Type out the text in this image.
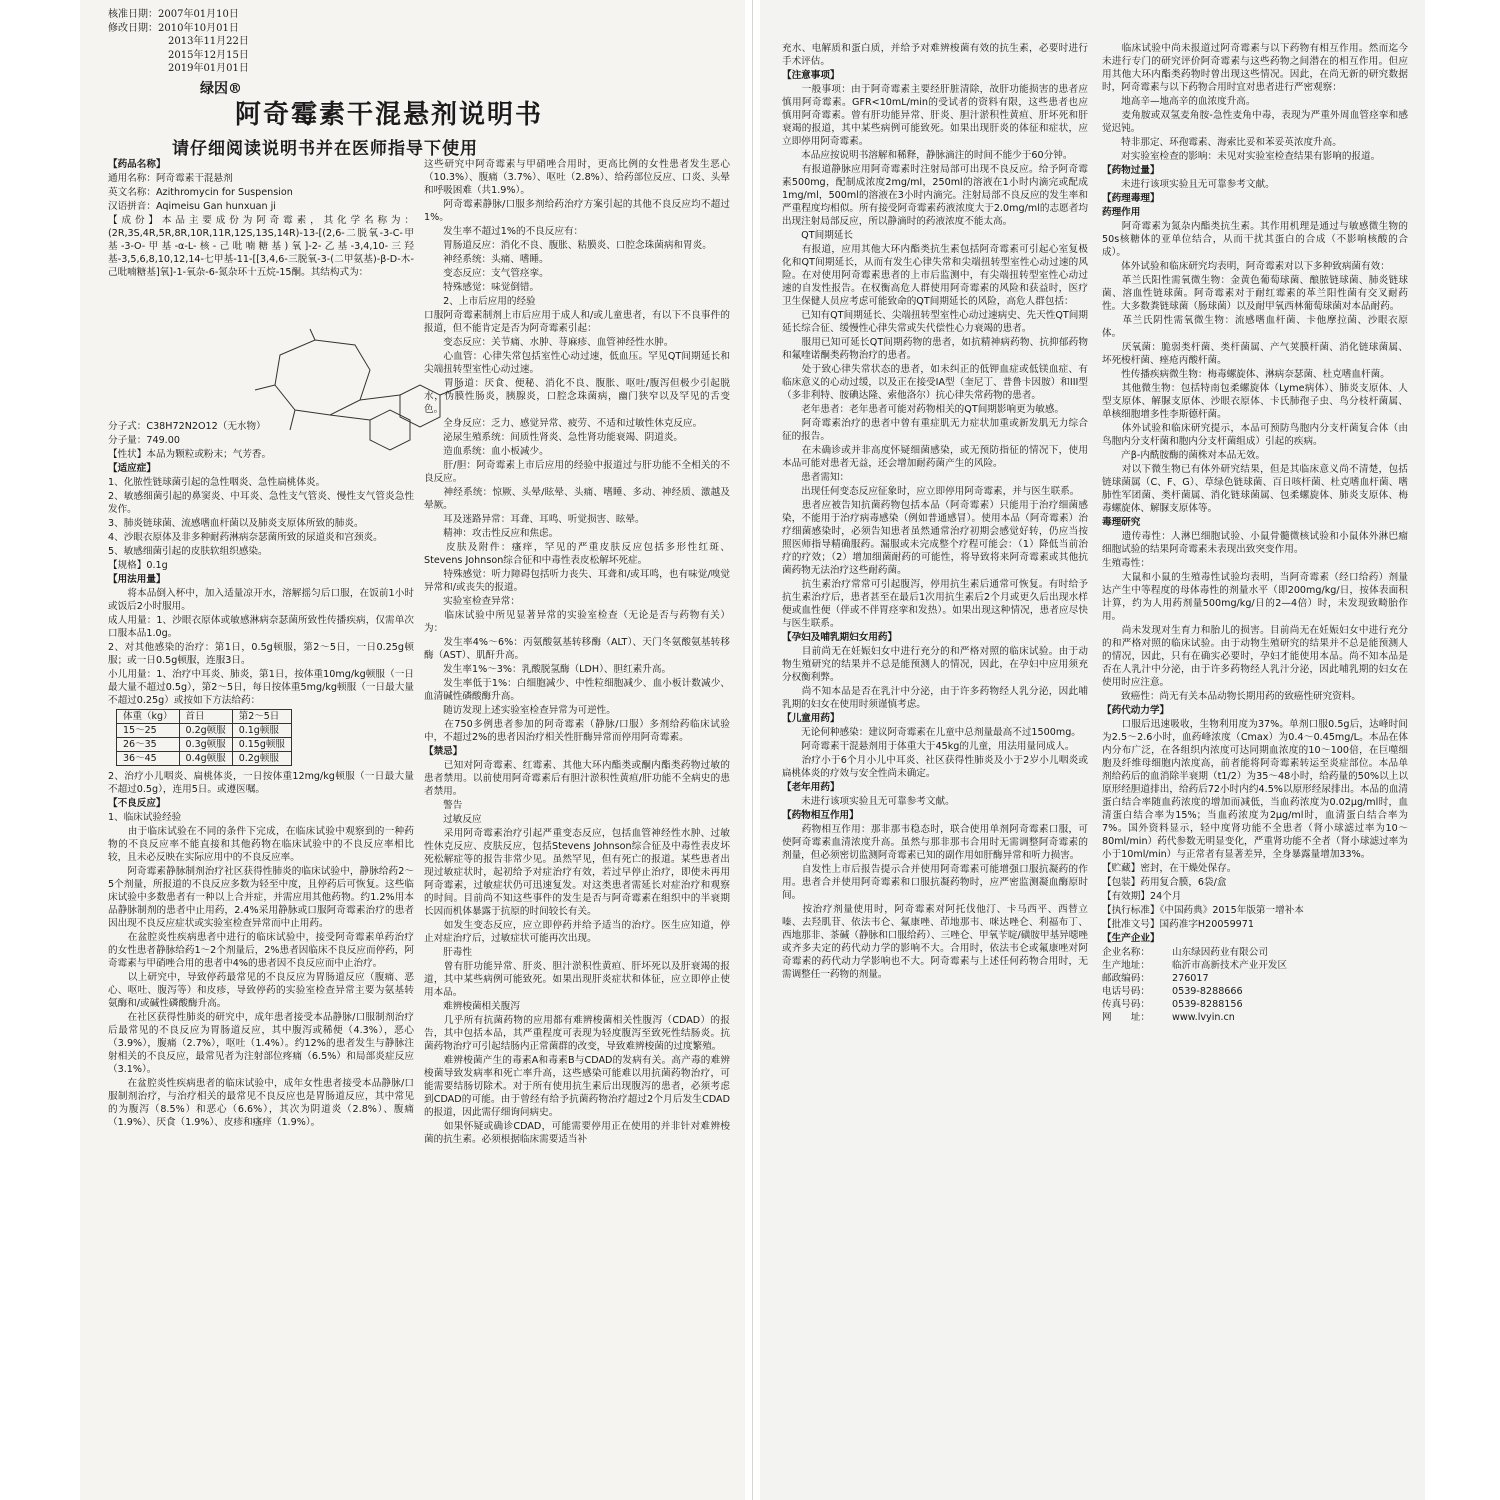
核准日期：2007年01月10日
修改日期：2010年10月01日
2013年11月22日
2015年12月15日
2019年01月01日
绿因®
阿奇霉素干混悬剂说明书
请仔细阅读说明书并在医师指导下使用

【药品名称】

通用名称：阿奇霉素干混悬剂

英文名称：Azithromycin for Suspension

汉语拼音：Aqimeisu Gan hunxuan ji

【成份】本品主要成份为阿奇霉素，其化学名称为：(2R,3S,4R,5R,8R,10R,11R,12S,13S,14R)-13-[(2,6-二脱氧-3-C-甲基-3-O-甲基-α-L-核-己吡喃糖基)氧]-2-乙基-3,4,10-三羟基-3,5,6,8,10,12,14-七甲基-11-[[3,4,6-三脱氧-3-(二甲氨基)-β-D-木-己吡喃糖基]氧]-1-氧杂-6-氮杂环十五烷-15酮。其结构式为：

分子式：C38H72N2O12（无水物）

分子量：749.00

【性状】本品为颗粒或粉末；气芳香。

【适应症】

1、化脓性链球菌引起的急性咽炎、急性扁桃体炎。

2、敏感细菌引起的鼻窦炎、中耳炎、急性支气管炎、慢性支气管炎急性发作。

3、肺炎链球菌、流感嗜血杆菌以及肺炎支原体所致的肺炎。

4、沙眼衣原体及非多种耐药淋病奈瑟菌所致的尿道炎和宫颈炎。

5、敏感细菌引起的皮肤软组织感染。

【规格】0.1g

【用法用量】

　　将本品倒入杯中，加入适量凉开水，溶解摇匀后口服，在饭前1小时或饭后2小时服用。

成人用量：1、沙眼衣原体或敏感淋病奈瑟菌所致性传播疾病，仅需单次口服本品1.0g。

2、对其他感染的治疗：第1日，0.5g顿服，第2～5日，一日0.25g顿服；或一日0.5g顿服，连服3日。

小儿用量：1、治疗中耳炎、肺炎，第1日，按体重10mg/kg顿服（一日最大量不超过0.5g），第2～5日，每日按体重5mg/kg顿服（一日最大量不超过0.25g）或按如下方法给药：

体重（kg）	首日	第2～5日
15～25	0.2g顿服	0.1g顿服
26～35	0.3g顿服	0.15g顿服
36～45	0.4g顿服	0.2g顿服

2、治疗小儿咽炎、扁桃体炎，一日按体重12mg/kg顿服（一日最大量不超过0.5g），连用5日。或遵医嘱。

【不良反应】

1、临床试验经验

　　由于临床试验在不同的条件下完成，在临床试验中观察到的一种药物的不良反应率不能直接和其他药物在临床试验中的不良反应率相比较，且未必反映在实际应用中的不良反应率。

　　阿奇霉素静脉制剂治疗社区获得性肺炎的临床试验中，静脉给药2～5个剂量，所报道的不良反应多数为轻至中度，且停药后可恢复。这些临床试验中多数患者有一种以上合并症，并需应用其他药物。约1.2%用本品静脉制剂的患者中止用药，2.4%采用静脉或口服阿奇霉素治疗的患者因出现不良反应症状或实验室检查异常而中止用药。

　　在盆腔炎性疾病患者中进行的临床试验中，接受阿奇霉素单药治疗的女性患者静脉给药1～2个剂量后，2%患者因临床不良反应而停药，阿奇霉素与甲硝唑合用的患者中4%的患者因不良反应而中止治疗。

　　以上研究中，导致停药最常见的不良反应为胃肠道反应（腹痛、恶心、呕吐、腹泻等）和皮疹，导致停药的实验室检查异常主要为氨基转氨酶和/或碱性磷酸酶升高。

　　在社区获得性肺炎的研究中，成年患者接受本品静脉/口服制剂治疗后最常见的不良反应为胃肠道反应，其中腹泻或稀便（4.3%），恶心（3.9%），腹痛（2.7%），呕吐（1.4%）。约12%的患者发生与静脉注射相关的不良反应，最常见者为注射部位疼痛（6.5%）和局部炎症反应（3.1%）。

　　在盆腔炎性疾病患者的临床试验中，成年女性患者接受本品静脉/口服制剂治疗，与治疗相关的最常见不良反应也是胃肠道反应，其中常见的为腹泻（8.5%）和恶心（6.6%），其次为阴道炎（2.8%）、腹痛（1.9%）、厌食（1.9%）、皮疹和瘙痒（1.9%）。

这些研究中阿奇霉素与甲硝唑合用时，更高比例的女性患者发生恶心（10.3%）、腹痛（3.7%）、呕吐（2.8%）、给药部位反应、口炎、头晕和呼吸困难（共1.9%）。

　　阿奇霉素静脉/口服多剂给药治疗方案引起的其他不良反应均不超过1%。

　　发生率不超过1%的不良反应有：

　　胃肠道反应：消化不良、腹胀、粘膜炎、口腔念珠菌病和胃炎。

　　神经系统：头痛、嗜睡。

　　变态反应：支气管痉挛。

　　特殊感觉：味觉倒错。

　　2、上市后应用的经验

口服阿奇霉素制剂上市后应用于成人和/或儿童患者，有以下不良事件的报道，但不能肯定是否为阿奇霉素引起：

　　变态反应：关节痛、水肿、荨麻疹、血管神经性水肿。

　　心血管：心律失常包括室性心动过速，低血压。罕见QT间期延长和尖端扭转型室性心动过速。

　　胃肠道：厌食、便秘、消化不良、腹胀、呕吐/腹泻但极少引起脱水，伪膜性肠炎，胰腺炎，口腔念珠菌病，幽门狭窄以及罕见的舌变色。

　　全身反应：乏力、感觉异常、疲劳、不适和过敏性休克反应。

　　泌尿生殖系统：间质性肾炎、急性肾功能衰竭、阴道炎。

　　造血系统：血小板减少。

　　肝/胆：阿奇霉素上市后应用的经验中报道过与肝功能不全相关的不良反应。

　　神经系统：惊厥、头晕/眩晕、头痛、嗜睡、多动、神经质、激越及晕厥。

　　耳及迷路异常：耳聋、耳鸣、听觉损害、眩晕。

　　精神：攻击性反应和焦虑。

　　皮肤及附件：瘙痒，罕见的严重皮肤反应包括多形性红斑、Stevens Johnson综合征和中毒性表皮松解坏死症。

　　特殊感觉：听力障碍包括听力丧失、耳聋和/或耳鸣，也有味觉/嗅觉异常和/或丧失的报道。

　　实验室检查异常：

　　临床试验中所见显著异常的实验室检查（无论是否与药物有关）为：

　　发生率4%～6%：丙氨酸氨基转移酶（ALT）、天门冬氨酸氨基转移酶（AST）、肌酐升高。

　　发生率1%～3%：乳酸脱氢酶（LDH）、胆红素升高。

　　发生率低于1%：白细胞减少、中性粒细胞减少、血小板计数减少、血清碱性磷酸酶升高。

　　随访发现上述实验室检查异常为可逆性。

　　在750多例患者参加的阿奇霉素（静脉/口服）多剂给药临床试验中，不超过2%的患者因治疗相关性肝酶异常而停用阿奇霉素。

【禁忌】

　　已知对阿奇霉素、红霉素、其他大环内酯类或酮内酯类药物过敏的患者禁用。以前使用阿奇霉素后有胆汁淤积性黄疸/肝功能不全病史的患者禁用。

　　警告

　　过敏反应

　　采用阿奇霉素治疗引起严重变态反应，包括血管神经性水肿、过敏性休克反应、皮肤反应，包括Stevens Johnson综合征及中毒性表皮坏死松解症等的报告非常少见。虽然罕见，但有死亡的报道。某些患者出现过敏症状时，起初给予对症治疗有效，若过早停止治疗，即使未再用阿奇霉素，过敏症状仍可迅速复发。对这类患者需延长对症治疗和观察的时间。目前尚不知这些事件的发生是否与阿奇霉素在组织中的半衰期长因而机体暴露于抗原的时间较长有关。

　　如发生变态反应，应立即停药并给予适当的治疗。医生应知道，停止对症治疗后，过敏症状可能再次出现。

　　肝毒性

　　曾有肝功能异常、肝炎、胆汁淤积性黄疸、肝坏死以及肝衰竭的报道，其中某些病例可能致死。如果出现肝炎症状和体征，应立即停止使用本品。

　　难辨梭菌相关腹泻

　　几乎所有抗菌药物的应用都有难辨梭菌相关性腹泻（CDAD）的报告，其中包括本品，其严重程度可表现为轻度腹泻至致死性结肠炎。抗菌药物治疗可引起结肠内正常菌群的改变，导致难辨梭菌的过度繁殖。

　　难辨梭菌产生的毒素A和毒素B与CDAD的发病有关。高产毒的难辨梭菌导致发病率和死亡率升高，这些感染可能难以用抗菌药物治疗，可能需要结肠切除术。对于所有使用抗生素后出现腹泻的患者，必须考虑到CDAD的可能。由于曾经有给予抗菌药物治疗超过2个月后发生CDAD的报道，因此需仔细询问病史。

　　如果怀疑或确诊CDAD，可能需要停用正在使用的并非针对难辨梭菌的抗生素。必须根据临床需要适当补

充水、电解质和蛋白质，并给予对难辨梭菌有效的抗生素，必要时进行手术评估。

【注意事项】

　　一般事项：由于阿奇霉素主要经肝脏清除，故肝功能损害的患者应慎用阿奇霉素。GFR<10mL/min的受试者的资料有限，这些患者也应慎用阿奇霉素。曾有肝功能异常、肝炎、胆汁淤积性黄疸、肝坏死和肝衰竭的报道，其中某些病例可能致死。如果出现肝炎的体征和症状，应立即停用阿奇霉素。

　　本品应按说明书溶解和稀释，静脉滴注的时间不能少于60分钟。

　　有报道静脉应用阿奇霉素时注射局部可出现不良反应。给予阿奇霉素500mg，配制成浓度2mg/ml，250ml的溶液在1小时内滴完或配成1mg/ml，500ml的溶液在3小时内滴完。注射局部不良反应的发生率和严重程度均相似。所有接受阿奇霉素药液浓度大于2.0mg/ml的志愿者均出现注射局部反应，所以静滴时的药液浓度不能太高。

　　QT间期延长

　　有报道，应用其他大环内酯类抗生素包括阿奇霉素可引起心室复极化和QT间期延长，从而有发生心律失常和尖端扭转型室性心动过速的风险。在对使用阿奇霉素患者的上市后监测中，有尖端扭转型室性心动过速的自发性报告。在权衡高危人群使用阿奇霉素的风险和获益时，医疗卫生保健人员应考虑可能致命的QT间期延长的风险，高危人群包括：

　　已知有QT间期延长、尖端扭转型室性心动过速病史、先天性QT间期延长综合征、缓慢性心律失常或失代偿性心力衰竭的患者。

　　服用已知可延长QT间期药物的患者，如抗精神病药物、抗抑郁药物和氟喹诺酮类药物治疗的患者。

　　处于致心律失常状态的患者，如未纠正的低钾血症或低镁血症、有临床意义的心动过缓，以及正在接受IA型（奎尼丁、普鲁卡因胺）和III型（多非利特、胺碘达隆、索他洛尔）抗心律失常药物的患者。

　　老年患者：老年患者可能对药物相关的QT间期影响更为敏感。

　　阿奇霉素治疗的患者中曾有重症肌无力症状加重或新发肌无力综合征的报告。

　　在未确诊或并非高度怀疑细菌感染，或无预防指征的情况下，使用本品可能对患者无益，还会增加耐药菌产生的风险。

　　患者需知：

　　出现任何变态反应征象时，应立即停用阿奇霉素，并与医生联系。

　　患者应被告知抗菌药物包括本品（阿奇霉素）只能用于治疗细菌感染，不能用于治疗病毒感染（例如普通感冒）。使用本品（阿奇霉素）治疗细菌感染时，必须告知患者虽然通常治疗初期会感觉好转，仍应当按照医师指导精确服药。漏服或未完成整个疗程可能会：（1）降低当前治疗的疗效；（2）增加细菌耐药的可能性，将导致将来阿奇霉素或其他抗菌药物无法治疗这些耐药菌。

　　抗生素治疗常常可引起腹泻，停用抗生素后通常可恢复。有时给予抗生素治疗后，患者甚至在最后1次用抗生素后2个月或更久后出现水样便或血性便（伴或不伴胃痉挛和发热）。如果出现这种情况，患者应尽快与医生联系。

【孕妇及哺乳期妇女用药】

　　目前尚无在妊娠妇女中进行充分的和严格对照的临床试验。由于动物生殖研究的结果并不总是能预测人的情况，因此，在孕妇中应用须充分权衡利弊。

　　尚不知本品是否在乳汁中分泌，由于许多药物经人乳分泌，因此哺乳期的妇女在使用时须谨慎考虑。

【儿童用药】

　　无论何种感染：建议阿奇霉素在儿童中总剂量最高不过1500mg。

　　阿奇霉素干混悬剂用于体重大于45kg的儿童，用法用量同成人。

　　治疗小于6个月小儿中耳炎、社区获得性肺炎及小于2岁小儿咽炎或扁桃体炎的疗效与安全性尚未确定。

【老年用药】

　　未进行该项实验且无可靠参考文献。

【药物相互作用】

　　药物相互作用：那非那韦稳态时，联合使用单剂阿奇霉素口服，可使阿奇霉素血清浓度升高。虽然与那非那韦合用时无需调整阿奇霉素的剂量，但必须密切监测阿奇霉素已知的副作用如肝酶异常和听力损害。

　　自发性上市后报告提示合并使用阿奇霉素可能增强口服抗凝药的作用。患者合并使用阿奇霉素和口服抗凝药物时，应严密监测凝血酶原时间。

　　按治疗剂量使用时，阿奇霉素对阿托伐他汀、卡马西平、西替立嗪、去羟肌苷、依法韦仑、氟康唑、茚地那韦、咪达唑仑、利福布丁、西地那非、茶碱（静脉和口服给药）、三唑仑、甲氧苄啶/磺胺甲基异噁唑或齐多夫定的药代动力学的影响不大。合用时，依法韦仑或氟康唑对阿奇霉素的药代动力学影响也不大。阿奇霉素与上述任何药物合用时，无需调整任一药物的剂量。

　　临床试验中尚未报道过阿奇霉素与以下药物有相互作用。然而迄今未进行专门的研究评价阿奇霉素与这些药物之间潜在的相互作用。但应用其他大环内酯类药物时曾出现这些情况。因此，在尚无新的研究数据时，阿奇霉素与以下药物合用时宜对患者进行严密观察：

　　地高辛—地高辛的血浓度升高。

　　麦角胺或双氢麦角胺-急性麦角中毒，表现为严重外周血管痉挛和感觉迟钝。

　　特非那定、环孢霉素、海索比妥和苯妥英浓度升高。

　　对实验室检查的影响：未见对实验室检查结果有影响的报道。

【药物过量】

　　未进行该项实验且无可靠参考文献。

【药理毒理】

药理作用

　　阿奇霉素为氮杂内酯类抗生素。其作用机理是通过与敏感微生物的50s核糖体的亚单位结合，从而干扰其蛋白的合成（不影响核酸的合成）。

　　体外试验和临床研究均表明，阿奇霉素对以下多种致病菌有效：

　　革兰氏阳性需氧微生物：金黄色葡萄球菌、酿脓链球菌、肺炎链球菌、溶血性链球菌。阿奇霉素对于耐红霉素的革兰阳性菌有交叉耐药性。大多数粪链球菌（肠球菌）以及耐甲氧西林葡萄球菌对本品耐药。

　　革兰氏阴性需氧微生物：流感嗜血杆菌、卡他摩拉菌、沙眼衣原体。

　　厌氧菌：脆弱类杆菌、类杆菌属、产气荚膜杆菌、消化链球菌属、坏死梭杆菌、痤疮丙酸杆菌。

　　性传播疾病微生物：梅毒螺旋体、淋病奈瑟菌、杜克嗜血杆菌。

　　其他微生物：包括特南包柔螺旋体（Lyme病体）、肺炎支原体、人型支原体、解脲支原体、沙眼衣原体、卡氏肺孢子虫、鸟分枝杆菌属、单核细胞增多性李斯德杆菌。

　　体外试验和临床研究提示，本品可预防鸟胞内分支杆菌复合体（由鸟胞内分支杆菌和胞内分支杆菌组成）引起的疾病。

　　产β-内酰胺酶的菌株对本品无效。

　　对以下微生物已有体外研究结果，但是其临床意义尚不清楚，包括链球菌属（C、F、G）、草绿色链球菌、百日咳杆菌、杜克嗜血杆菌、嗜肺性军团菌、类杆菌属、消化链球菌属、包柔螺旋体、肺炎支原体、梅毒螺旋体、解脲支原体等。

毒理研究

　　遗传毒性：人淋巴细胞试验、小鼠骨髓微核试验和小鼠体外淋巴瘤细胞试验的结果阿奇霉素未表现出致突变作用。

生殖毒性：

　　大鼠和小鼠的生殖毒性试验均表明，当阿奇霉素（经口给药）剂量达产生中等程度的母体毒性的剂量水平（即200mg/kg/日，按体表面积计算，约为人用药剂量500mg/kg/日的2—4倍）时，未发现致畸胎作用。

　　尚未发现对生育力和胎儿的损害。目前尚无在妊娠妇女中进行充分的和严格对照的临床试验。由于动物生殖研究的结果并不总是能预测人的情况，因此，只有在确实必要时，孕妇才能使用本品。尚不知本品是否在人乳汁中分泌，由于许多药物经人乳汁分泌，因此哺乳期的妇女在使用时应注意。

　　致癌性：尚无有关本品动物长期用药的致癌性研究资料。

【药代动力学】

　　口服后迅速吸收，生物利用度为37%。单剂口服0.5g后，达峰时间为2.5～2.6小时，血药峰浓度（Cmax）为0.4～0.45mg/L。本品在体内分布广泛，在各组织内浓度可达同期血浓度的10～100倍，在巨噬细胞及纤维母细胞内浓度高，前者能将阿奇霉素转运至炎症部位。本品单剂给药后的血消除半衰期（t1/2）为35～48小时，给药量的50%以上以原形经胆道排出，给药后72小时内约4.5%以原形经尿排出。本品的血清蛋白结合率随血药浓度的增加而减低，当血药浓度为0.02μg/ml时，血清蛋白结合率为15%；当血药浓度为2μg/ml时，血清蛋白结合率为7%。国外资料显示，轻中度肾功能不全患者（肾小球滤过率为10～80ml/min）药代参数无明显变化，严重肾功能不全者（肾小球滤过率为小于10ml/min）与正常者有显著差异，全身暴露量增加33%。

【贮藏】密封，在干燥处保存。

【包装】药用复合膜，6袋/盒

【有效期】24个月

【执行标准】《中国药典》2015年版第一增补本

【批准文号】国药准字H20059971

【生产企业】

企业名称：	山东绿因药业有限公司
生产地址：	临沂市高新技术产业开发区
邮政编码：	276017
电话号码：	0539-8288666
传真号码：	0539-8288156
网　　址：	www.lvyin.cn
